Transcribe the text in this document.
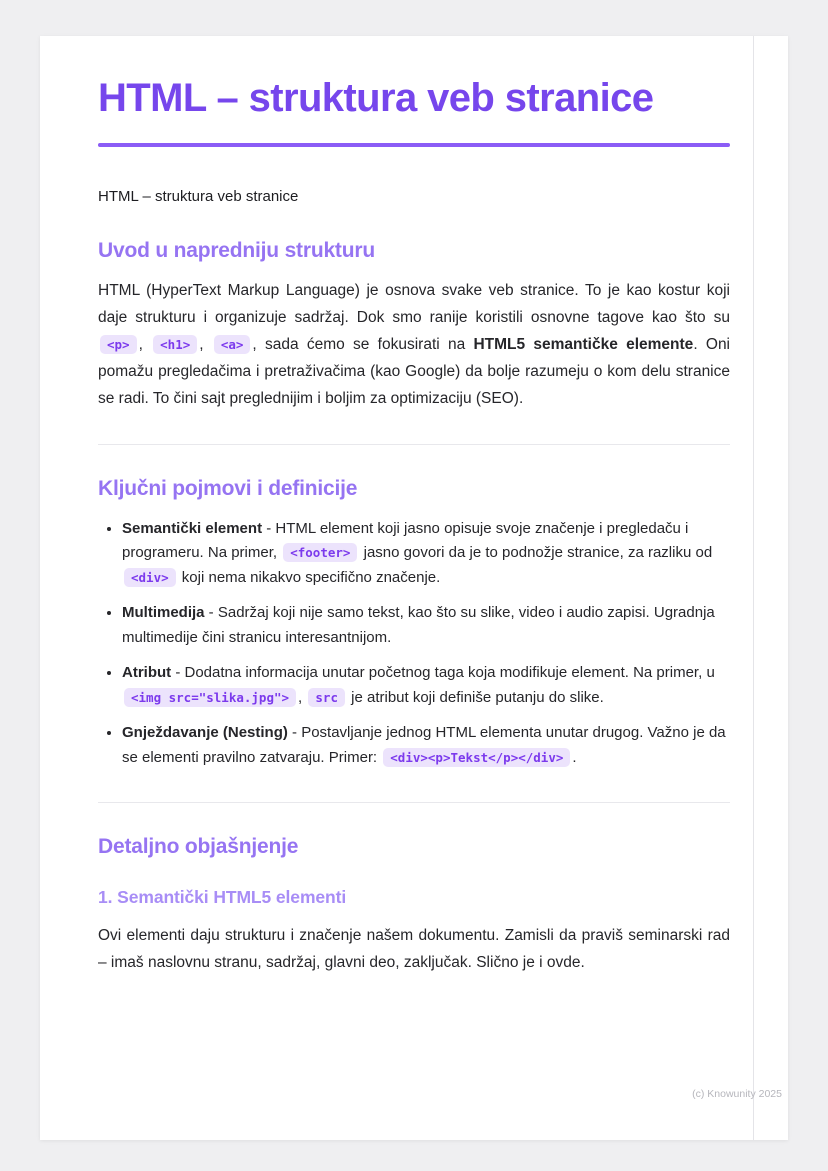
HTML – struktura veb stranice

HTML – struktura veb stranice

Uvod u napredniju strukturu

HTML (HyperText Markup Language) je osnova svake veb stranice. To je kao kostur koji daje strukturu i organizuje sadržaj. Dok smo ranije koristili osnovne tagove kao što su <p> , <h1> , <a> , sada ćemo se fokusirati na HTML5 semantičke elemente. Oni pomažu pregledačima i pretraživačima (kao Google) da bolje razumeju o kom delu stranice se radi. To čini sajt preglednijim i boljim za optimizaciju (SEO).

Ključni pojmovi i definicije
• Semantički element - HTML element koji jasno opisuje svoje značenje i pregledaču i programeru. Na primer, <footer> jasno govori da je to podnožje stranice, za razliku od <div> koji nema nikakvo specifično značenje.
• Multimedija - Sadržaj koji nije samo tekst, kao što su slike, video i audio zapisi. Ugradnja multimedije čini stranicu interesantnijom.
• Atribut - Dodatna informacija unutar početnog taga koja modifikuje element. Na primer, u <img src="slika.jpg"> , src je atribut koji definiše putanju do slike.
• Gnježdavanje (Nesting) - Postavljanje jednog HTML elementa unutar drugog. Važno je da se elementi pravilno zatvaraju. Primer: <div><p>Tekst</p></div> .
Detaljno objašnjenje
1. Semantički HTML5 elementi

Ovi elementi daju strukturu i značenje našem dokumentu. Zamisli da praviš seminarski rad – imaš naslovnu stranu, sadržaj, glavni deo, zaključak. Slično je i ovde.

(c) Knowunity 2025
